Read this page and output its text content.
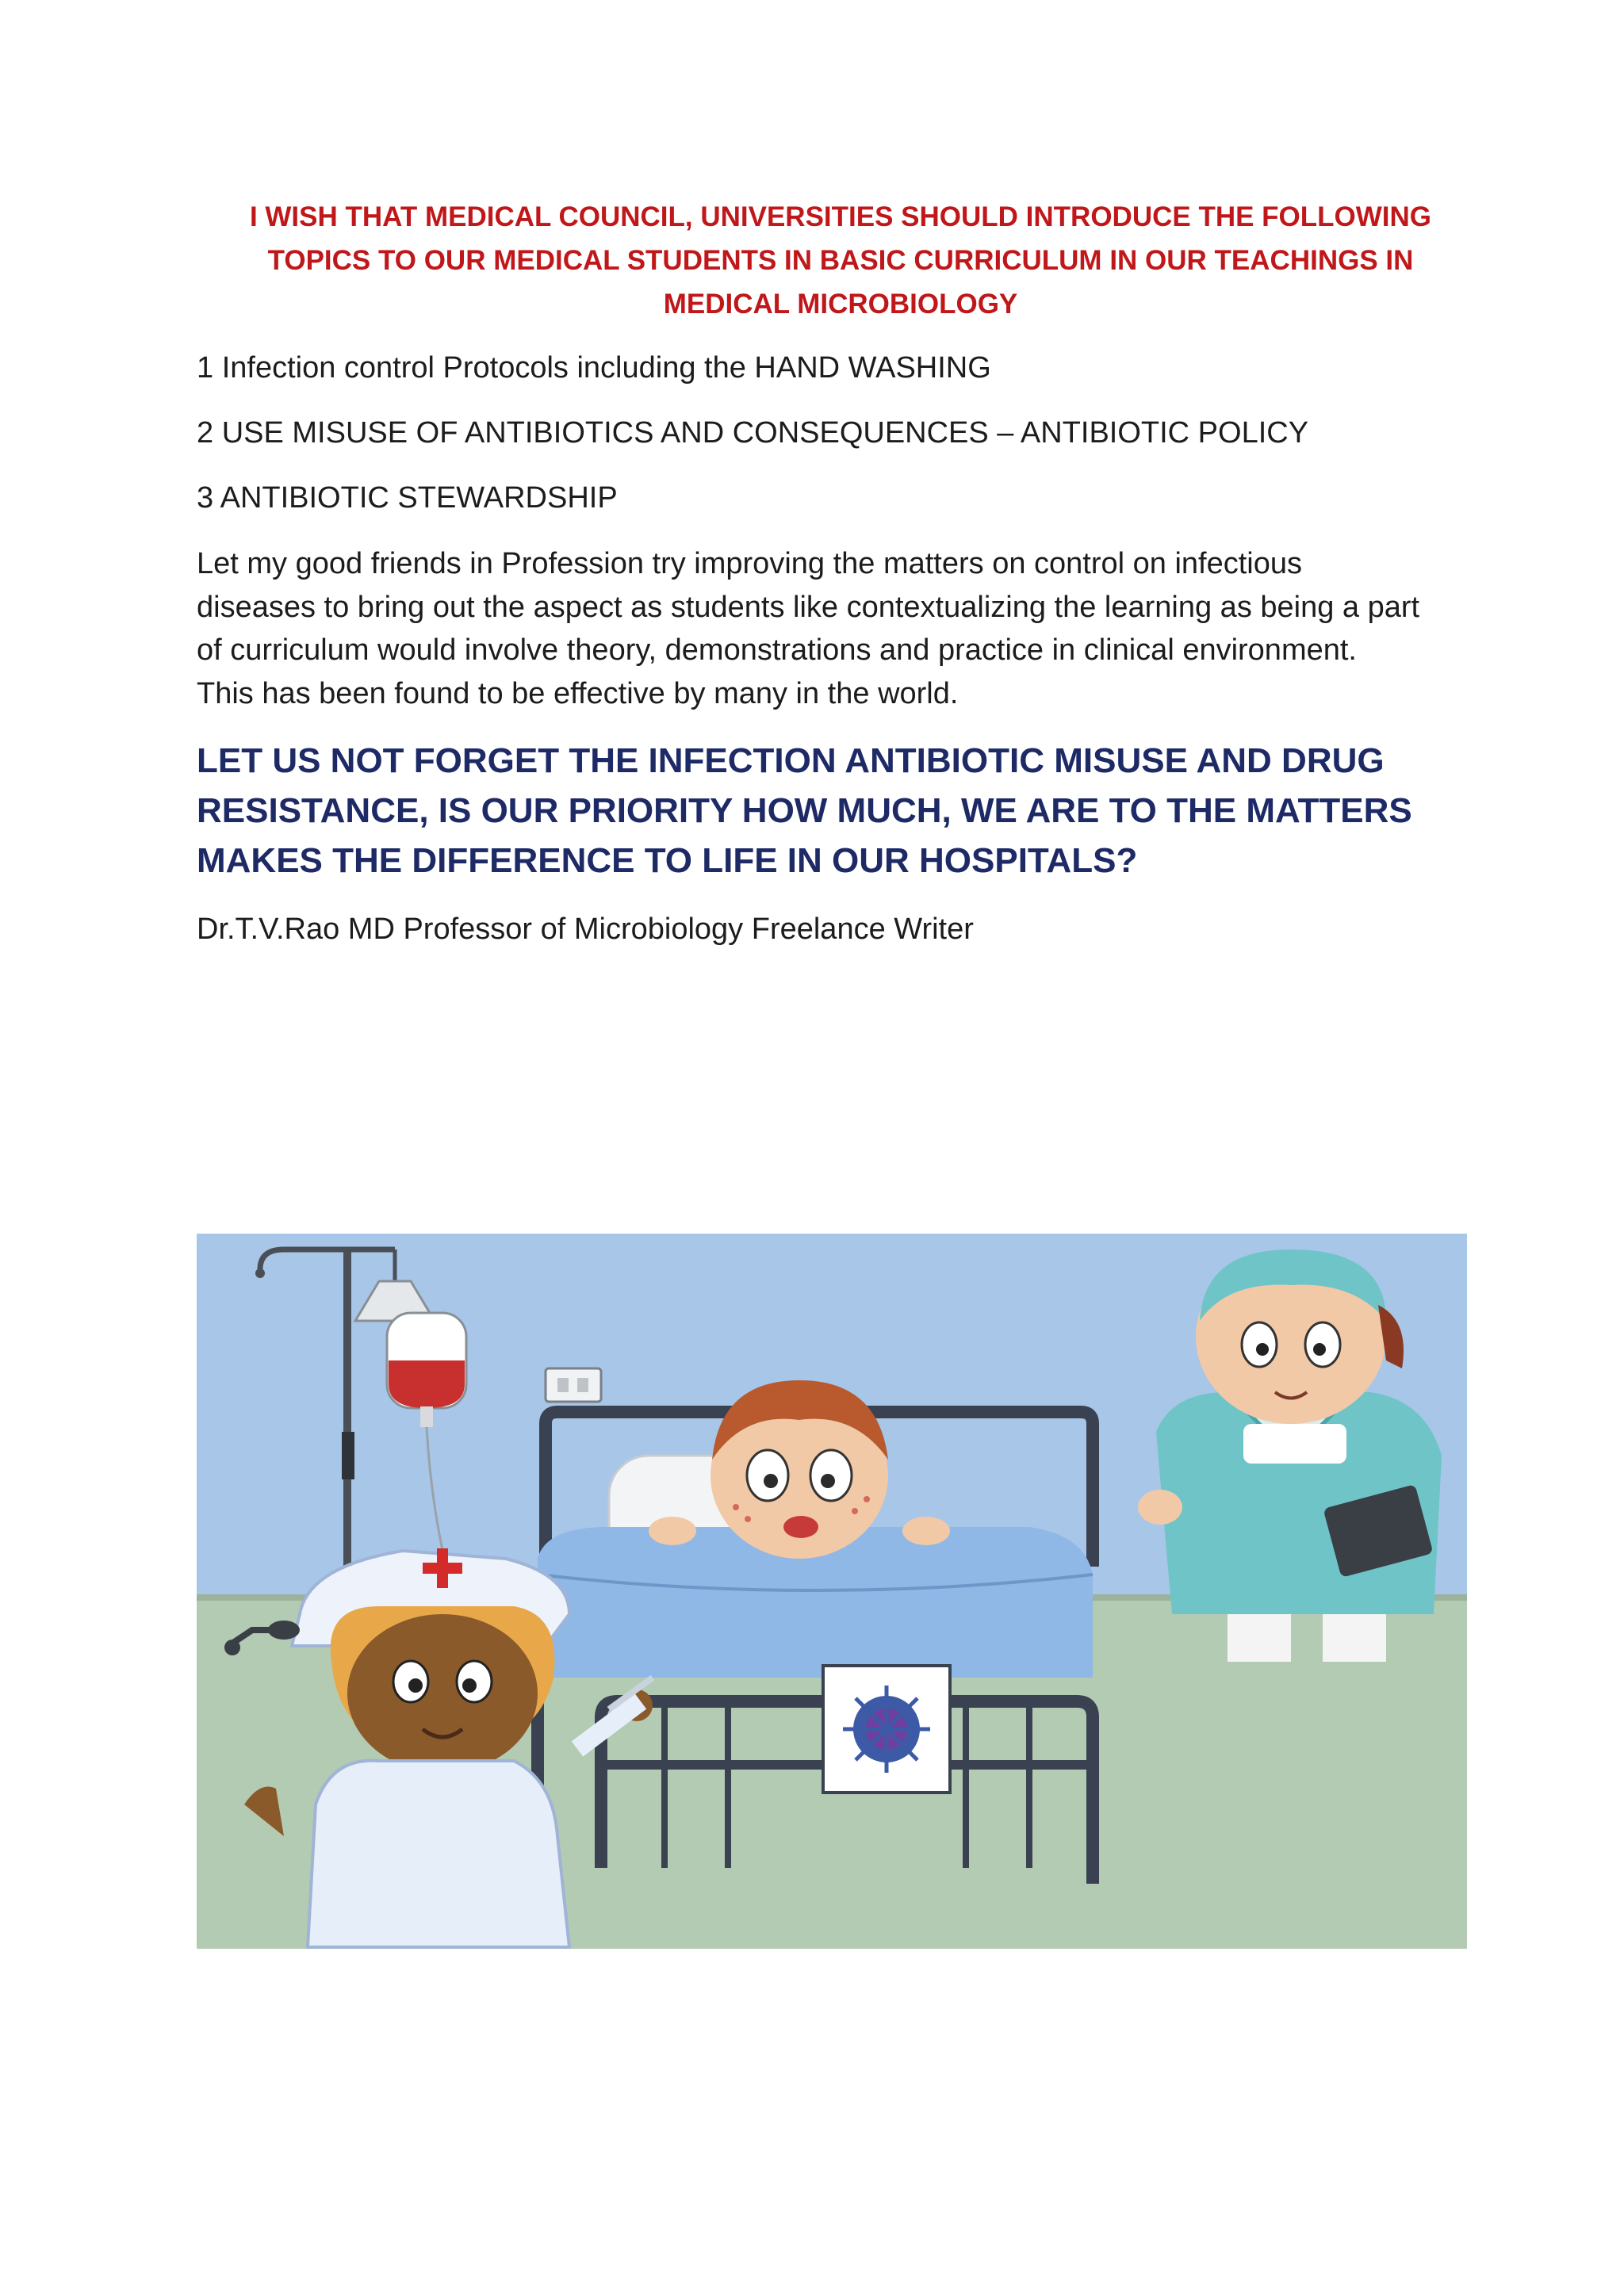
I WISH THAT MEDICAL COUNCIL, UNIVERSITIES SHOULD INTRODUCE THE FOLLOWING
TOPICS TO OUR MEDICAL STUDENTS IN BASIC CURRICULUM IN OUR TEACHINGS IN
MEDICAL MICROBIOLOGY
1 Infection control Protocols including the HAND WASHING
2 USE MISUSE OF ANTIBIOTICS AND CONSEQUENCES – ANTIBIOTIC POLICY
3 ANTIBIOTIC STEWARDSHIP
Let my good friends in Profession try improving the matters on control on infectious
diseases to bring out the aspect as students like contextualizing the learning as being a part
of curriculum would involve theory, demonstrations and practice in clinical environment.
This has been found to be effective by many in the world.
LET US NOT FORGET THE INFECTION ANTIBIOTIC MISUSE AND DRUG
RESISTANCE, IS OUR PRIORITY HOW MUCH, WE ARE TO THE MATTERS
MAKES THE DIFFERENCE TO LIFE IN OUR HOSPITALS?
Dr.T.V.Rao MD Professor of Microbiology Freelance Writer
